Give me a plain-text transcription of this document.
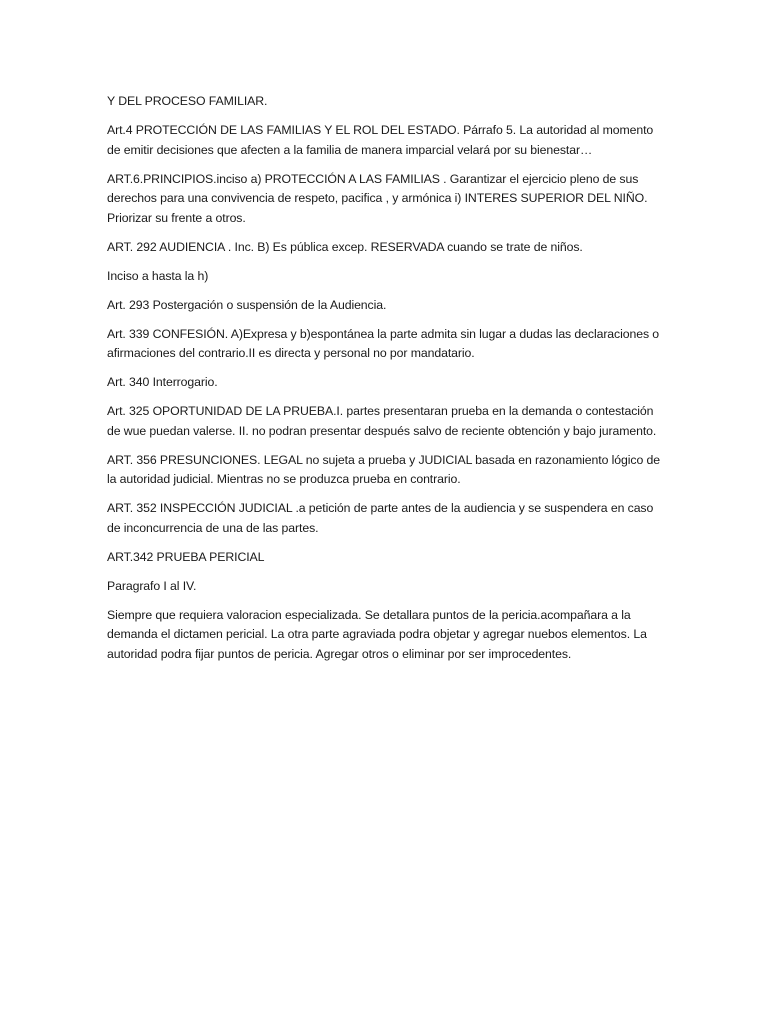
Y DEL PROCESO FAMILIAR.

Art.4 PROTECCIÓN DE LAS FAMILIAS Y EL ROL DEL ESTADO. Párrafo 5. La autoridad al momento de emitir decisiones que afecten a la familia de manera imparcial velará por su bienestar…

ART.6.PRINCIPIOS.inciso a) PROTECCIÓN A LAS FAMILIAS . Garantizar el ejercicio pleno de sus derechos para una convivencia de respeto, pacifica , y armónica i) INTERES SUPERIOR DEL NIÑO. Priorizar su frente a otros.

ART. 292 AUDIENCIA . Inc. B) Es pública excep. RESERVADA cuando se trate de niños.

Inciso a hasta la h)

Art. 293 Postergación o suspensión de la Audiencia.

Art. 339 CONFESIÓN. A)Expresa y b)espontánea la parte admita sin lugar a dudas las declaraciones o afirmaciones del contrario.II es directa y personal no por mandatario.

Art. 340 Interrogario.

Art. 325 OPORTUNIDAD DE LA PRUEBA.I. partes presentaran prueba en la demanda o contestación de wue puedan valerse. II. no podran presentar después salvo de reciente obtención y bajo juramento.

ART. 356 PRESUNCIONES. LEGAL no sujeta a prueba y JUDICIAL basada en razonamiento lógico de la autoridad judicial. Mientras no se produzca prueba en contrario.

ART. 352 INSPECCIÓN JUDICIAL .a petición de parte antes de la audiencia y se suspendera en caso de inconcurrencia de una de las partes.

ART.342 PRUEBA PERICIAL

Paragrafo I al IV.

Siempre que requiera valoracion especializada. Se detallara puntos de la pericia.acompañara a la demanda el dictamen pericial. La otra parte agraviada podra objetar y agregar nuebos elementos. La autoridad podra fijar puntos de pericia. Agregar otros o eliminar por ser improcedentes.
